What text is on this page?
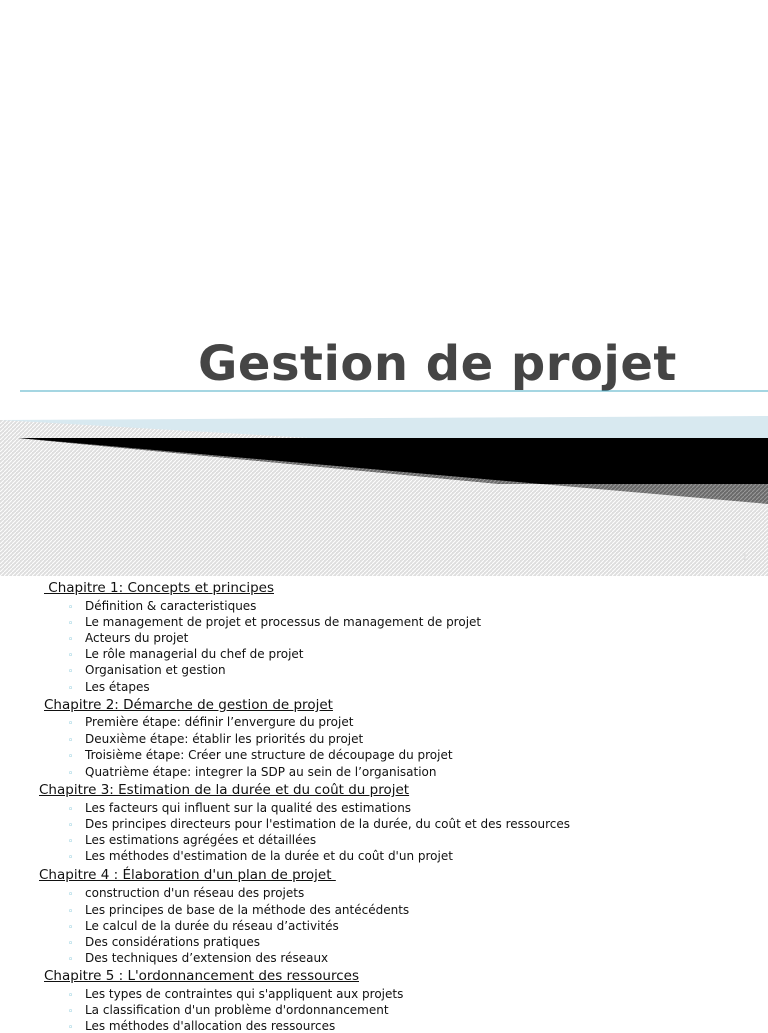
Gestion de projet
1
Chapitre 1: Concepts et principes
◦ Définition & caracteristiques
◦ Le management de projet et processus de management de projet
◦ Acteurs du projet
◦ Le rôle managerial du chef de projet
◦ Organisation et gestion
◦ Les étapes
Chapitre 2: Démarche de gestion de projet
◦ Première étape: définir l’envergure du projet
◦ Deuxième étape: établir les priorités du projet
◦ Troisième étape: Créer une structure de découpage du projet
◦ Quatrième étape: integrer la SDP au sein de l’organisation
Chapitre 3: Estimation de la durée et du coût du projet
◦ Les facteurs qui influent sur la qualité des estimations
◦ Des principes directeurs pour l'estimation de la durée, du coût et des ressources
◦ Les estimations agrégées et détaillées
◦ Les méthodes d'estimation de la durée et du coût d'un projet
Chapitre 4 : Élaboration d'un plan de projet
◦ construction d'un réseau des projets
◦ Les principes de base de la méthode des antécédents
◦ Le calcul de la durée du réseau d’activités
◦ Des considérations pratiques
◦ Des techniques d’extension des réseaux
Chapitre 5 : L'ordonnancement des ressources
◦ Les types de contraintes qui s'appliquent aux projets
◦ La classification d'un problème d'ordonnancement
◦ Les méthodes d'allocation des ressources
